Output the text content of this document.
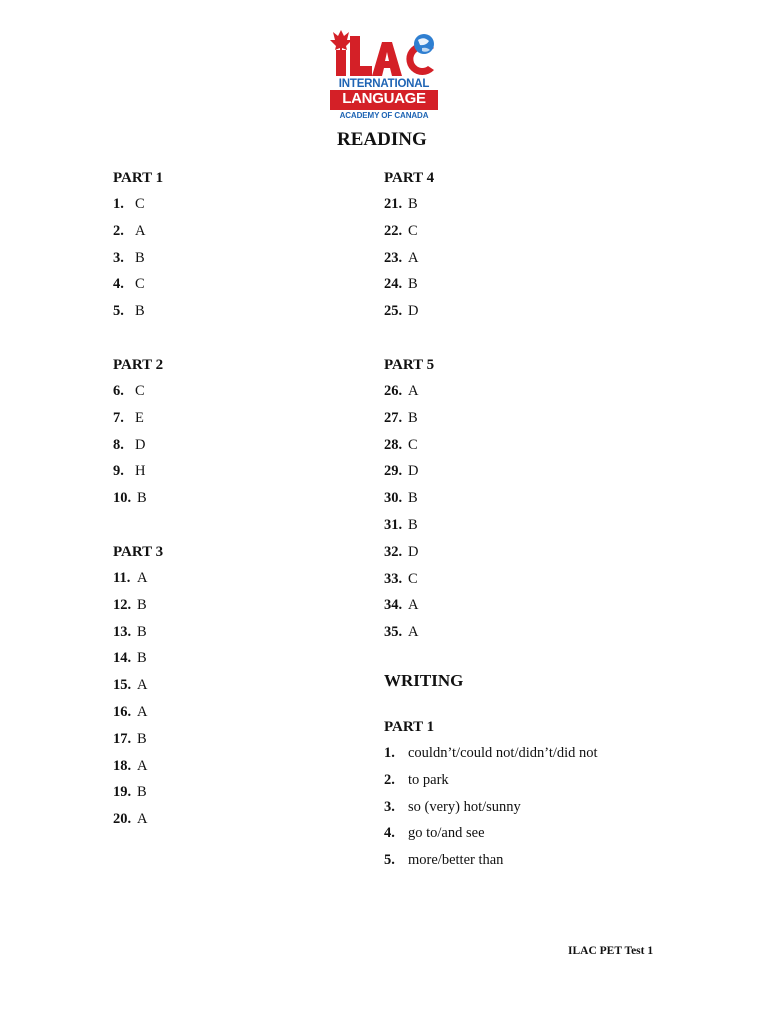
INTERNATIONAL
LANGUAGE
ACADEMY OF CANADA
READING
PART 1
1. C
2. A
3. B
4. C
5. B
PART 2
6. C
7. E
8. D
9. H
10. B
PART 3
11. A
12. B
13. B
14. B
15. A
16. A
17. B
18. A
19. B
20. A
PART 4
21. B
22. C
23. A
24. B
25. D
PART 5
26. A
27. B
28. C
29. D
30. B
31. B
32. D
33. C
34. A
35. A
WRITING
PART 1
1. couldn’t/could not/didn’t/did not
2. to park
3. so (very) hot/sunny
4. go to/and see
5. more/better than
ILAC PET Test 1
